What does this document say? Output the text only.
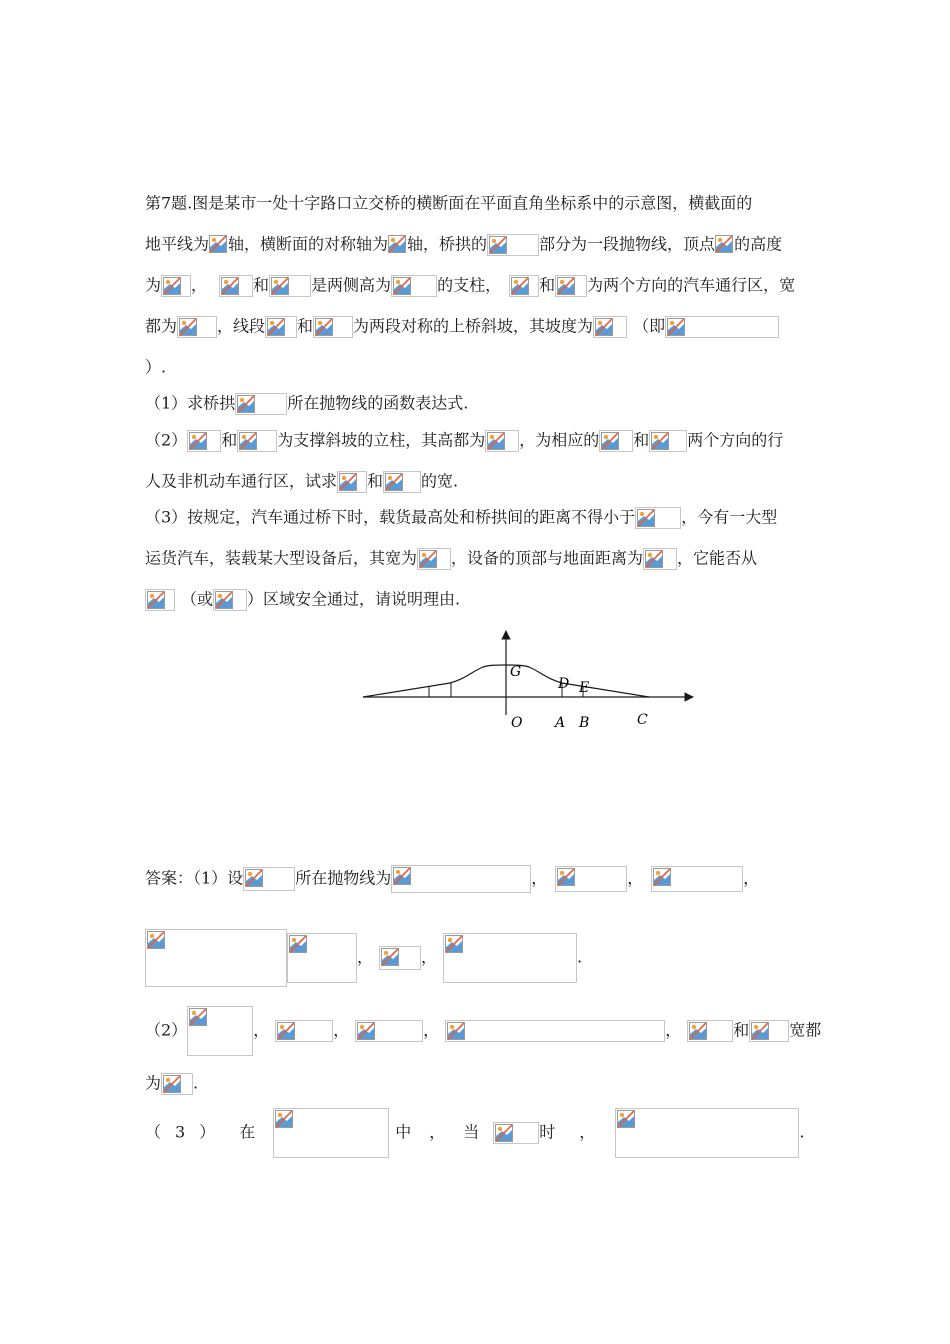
第7题.图是某市一处十字路口立交桥的横断面在平面直角坐标系中的示意图，横截面的
地平线为 轴，横断面的对称轴为 轴，桥拱的	部分为一段抛物线，顶点 的高度
为 ，	和	是两侧高为	的支柱， 和 为两个方向的汽车通行区，宽
都为	，线段 和	为两段对称的上桥斜坡，其坡度为	（即
）.
（1）求桥拱	所在抛物线的函数表达式.
（2） 和	为支撑斜坡的立柱，其高都为 ，为相应的 和 两个方向的行
人及非机动车通行区，试求 和 的宽.
（3）按规定，汽车通过桥下时，载货最高处和桥拱间的距离不得小于	，今有一大型
运货汽车，装载某大型设备后，其宽为 ，设备的顶部与地面距离为 ，它能否从
（或 ）区域安全通过，请说明理由.
G
D E
O A B	C
答案：（1）设	所在抛物线为	，	，	，
，	，	.
（2）	，	，	，	，	和	宽都
为 .
（ 3 ） 在	中 ， 当	时 ，	.
